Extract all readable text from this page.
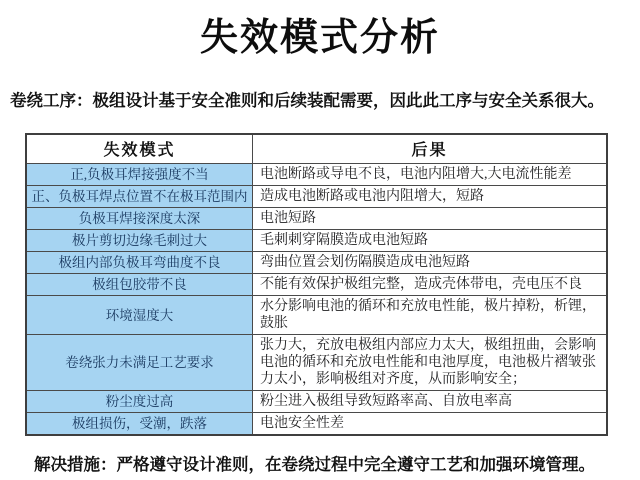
失效模式分析

卷绕工序：极组设计基于安全准则和后续装配需要，因此此工序与安全关系很大。

失效模式	后果
正,负极耳焊接强度不当	电池断路或导电不良，电池内阻增大,大电流性能差
正、负极耳焊点位置不在极耳范围内	造成电池断路或电池内阻增大，短路
负极耳焊接深度太深	电池短路
极片剪切边缘毛刺过大	毛刺刺穿隔膜造成电池短路
极组内部负极耳弯曲度不良	弯曲位置会划伤隔膜造成电池短路
极组包胶带不良	不能有效保护极组完整，造成壳体带电，壳电压不良
环境湿度大	水分影响电池的循环和充放电性能，极片掉粉，析锂，鼓胀
卷绕张力未满足工艺要求	张力大，充放电极组内部应力太大，极组扭曲，会影响电池的循环和充放电性能和电池厚度，电池极片褶皱张力太小，影响极组对齐度，从而影响安全；
粉尘度过高	粉尘进入极组导致短路率高、自放电率高
极组损伤，受潮，跌落	电池安全性差

解决措施：严格遵守设计准则，在卷绕过程中完全遵守工艺和加强环境管理。
